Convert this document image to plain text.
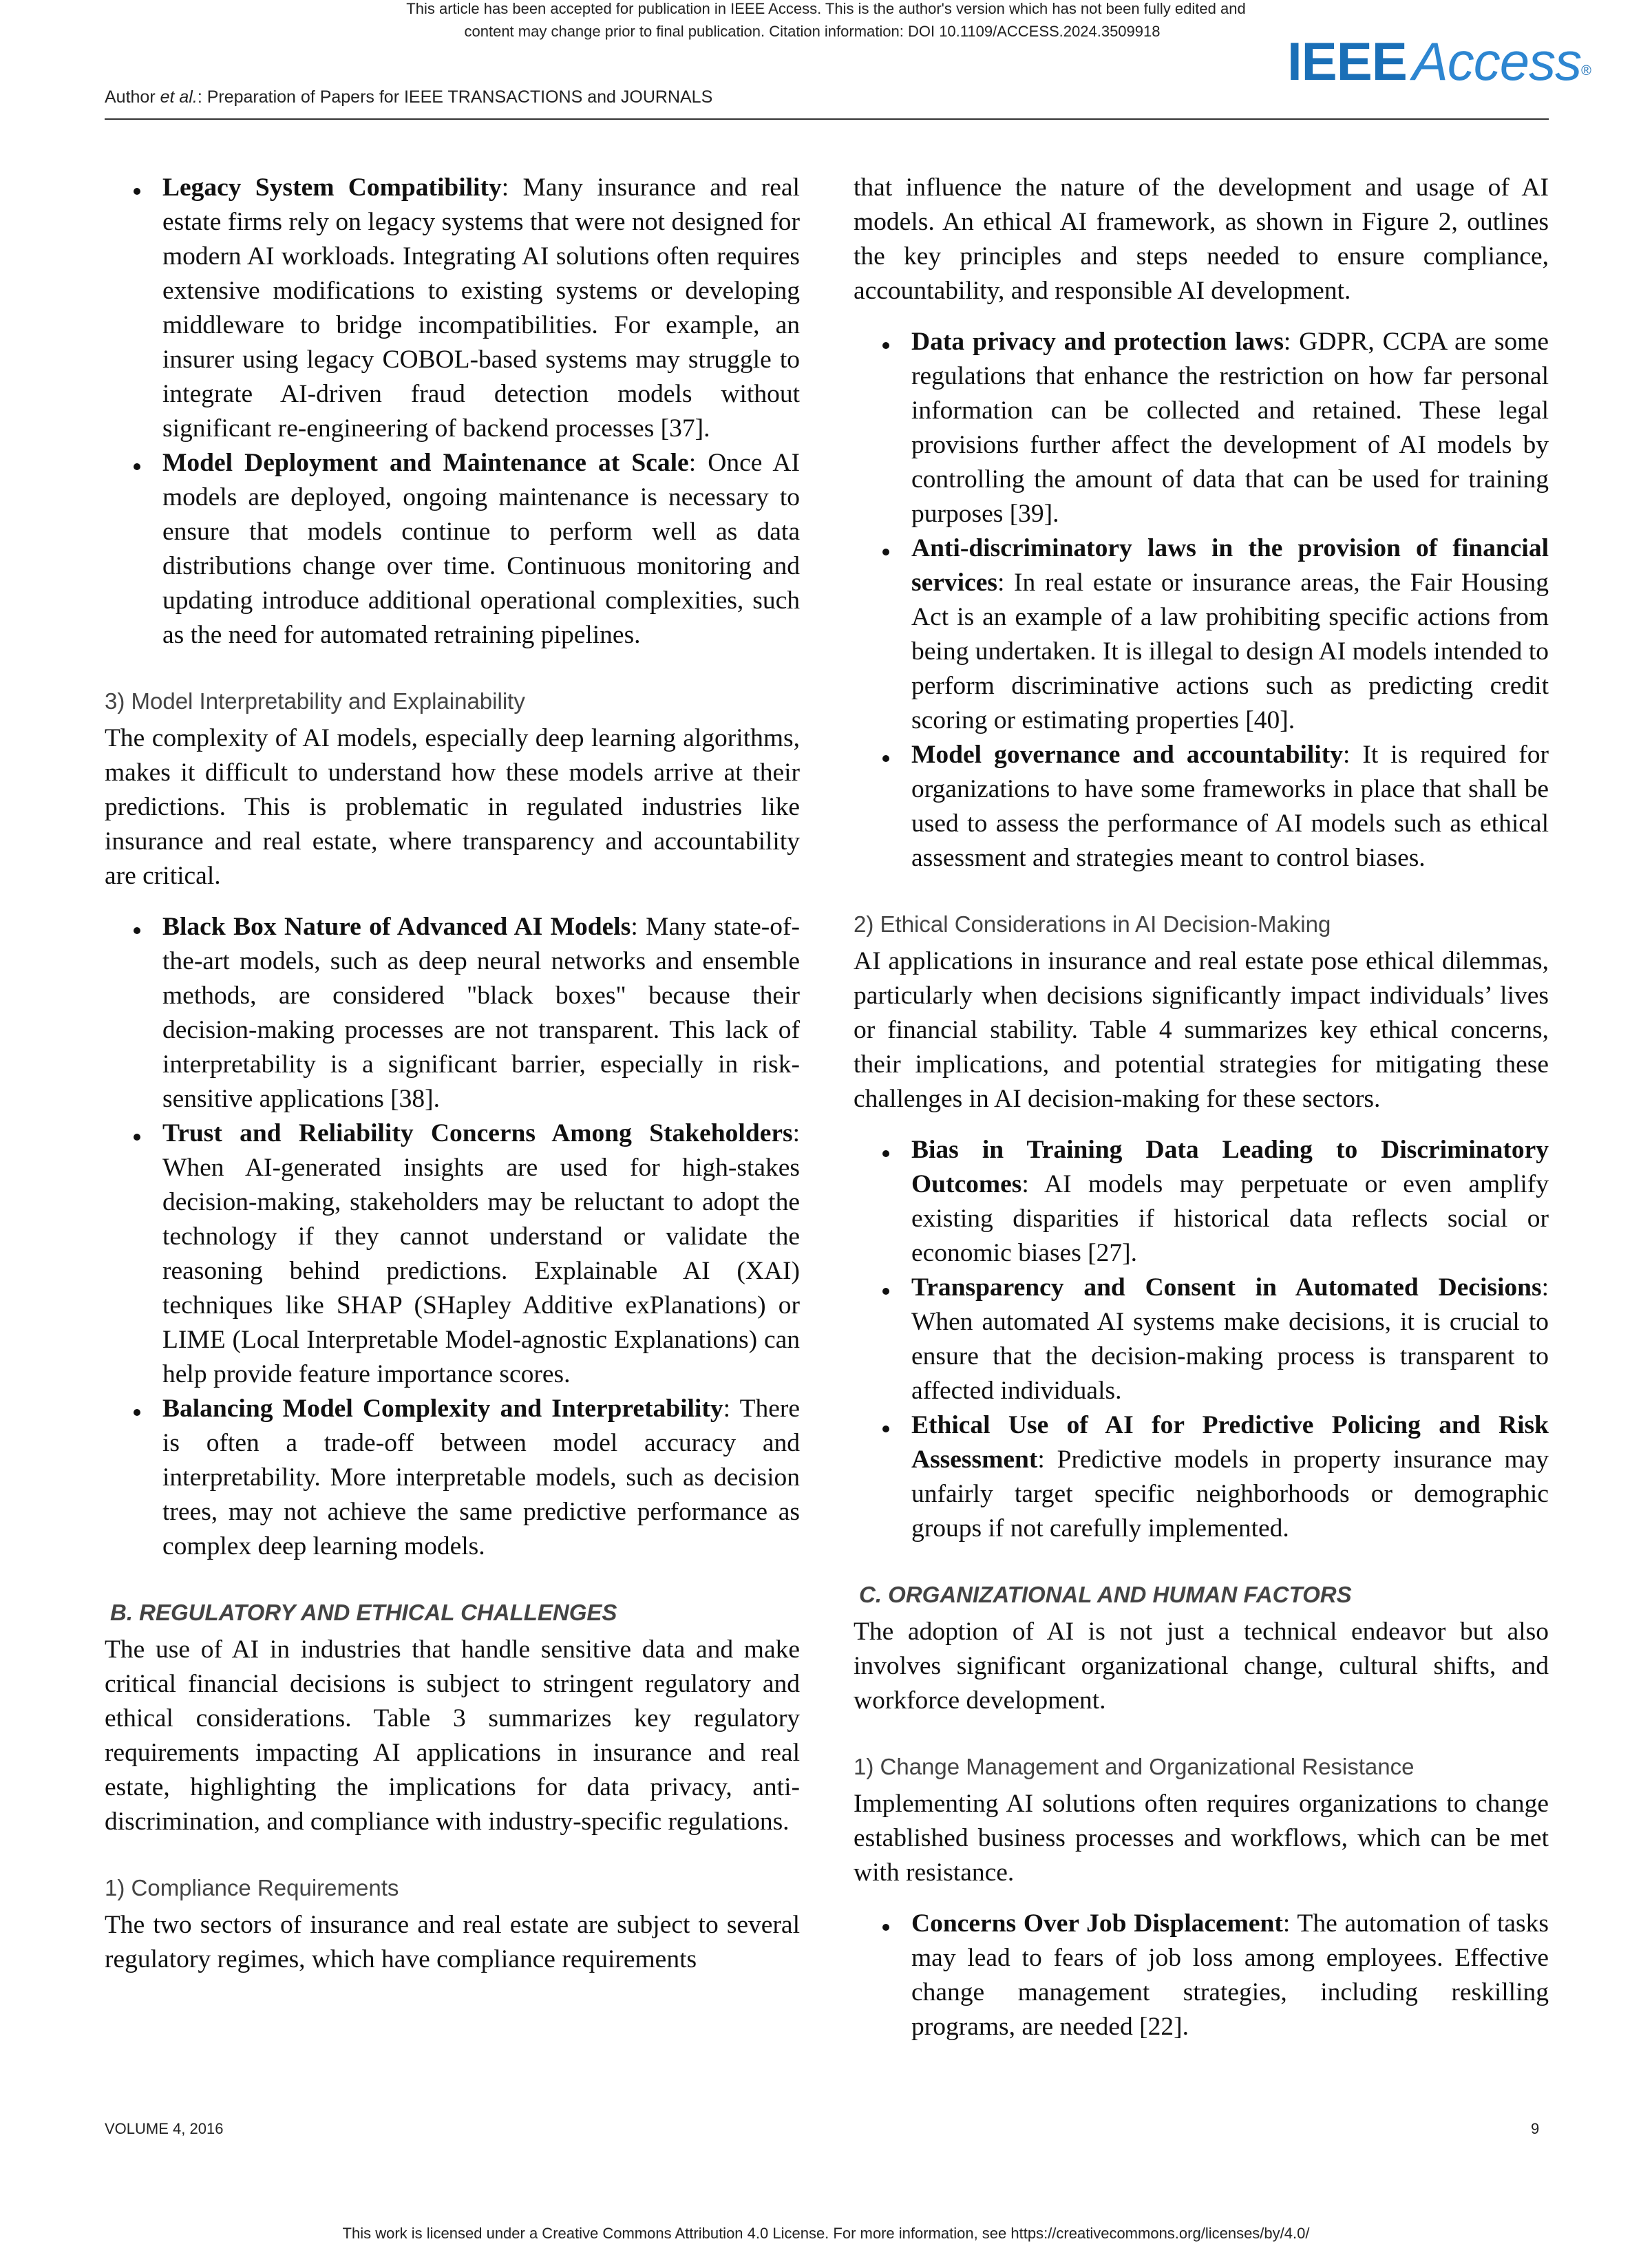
This article has been accepted for publication in IEEE Access. This is the author's version which has not been fully edited and
content may change prior to final publication. Citation information: DOI 10.1109/ACCESS.2024.3509918	IEEE Access®
Author et al.: Preparation of Papers for IEEE TRANSACTIONS and JOURNALS
Legacy System Compatibility: Many insurance and real estate firms rely on legacy systems that were not designed for modern AI workloads. Integrating AI solutions often requires extensive modifications to existing systems or developing middleware to bridge incompatibilities. For example, an insurer using legacy COBOL-based systems may struggle to integrate AI-driven fraud detection models without significant re-engineering of backend processes [37].
Model Deployment and Maintenance at Scale: Once AI models are deployed, ongoing maintenance is necessary to ensure that models continue to perform well as data distributions change over time. Continuous monitoring and updating introduce additional operational complexities, such as the need for automated retraining pipelines.
3) Model Interpretability and Explainability

The complexity of AI models, especially deep learning algorithms, makes it difficult to understand how these models arrive at their predictions. This is problematic in regulated industries like insurance and real estate, where transparency and accountability are critical.

Black Box Nature of Advanced AI Models: Many state-of-the-art models, such as deep neural networks and ensemble methods, are considered "black boxes" because their decision-making processes are not transparent. This lack of interpretability is a significant barrier, especially in risk-sensitive applications [38].
Trust and Reliability Concerns Among Stakeholders: When AI-generated insights are used for high-stakes decision-making, stakeholders may be reluctant to adopt the technology if they cannot understand or validate the reasoning behind predictions. Explainable AI (XAI) techniques like SHAP (SHapley Additive exPlanations) or LIME (Local Interpretable Model-agnostic Explanations) can help provide feature importance scores.
Balancing Model Complexity and Interpretability: There is often a trade-off between model accuracy and interpretability. More interpretable models, such as decision trees, may not achieve the same predictive performance as complex deep learning models.
B. REGULATORY AND ETHICAL CHALLENGES

The use of AI in industries that handle sensitive data and make critical financial decisions is subject to stringent regulatory and ethical considerations. Table 3 summarizes key regulatory requirements impacting AI applications in insurance and real estate, highlighting the implications for data privacy, anti-discrimination, and compliance with industry-specific regulations.

1) Compliance Requirements

The two sectors of insurance and real estate are subject to several regulatory regimes, which have compliance requirements

that influence the nature of the development and usage of AI models. An ethical AI framework, as shown in Figure 2, outlines the key principles and steps needed to ensure compliance, accountability, and responsible AI development.

Data privacy and protection laws: GDPR, CCPA are some regulations that enhance the restriction on how far personal information can be collected and retained. These legal provisions further affect the development of AI models by controlling the amount of data that can be used for training purposes [39].
Anti-discriminatory laws in the provision of financial services: In real estate or insurance areas, the Fair Housing Act is an example of a law prohibiting specific actions from being undertaken. It is illegal to design AI models intended to perform discriminative actions such as predicting credit scoring or estimating properties [40].
Model governance and accountability: It is required for organizations to have some frameworks in place that shall be used to assess the performance of AI models such as ethical assessment and strategies meant to control biases.
2) Ethical Considerations in AI Decision-Making

AI applications in insurance and real estate pose ethical dilemmas, particularly when decisions significantly impact individuals’ lives or financial stability. Table 4 summarizes key ethical concerns, their implications, and potential strategies for mitigating these challenges in AI decision-making for these sectors.

Bias in Training Data Leading to Discriminatory Outcomes: AI models may perpetuate or even amplify existing disparities if historical data reflects social or economic biases [27].
Transparency and Consent in Automated Decisions: When automated AI systems make decisions, it is crucial to ensure that the decision-making process is transparent to affected individuals.
Ethical Use of AI for Predictive Policing and Risk Assessment: Predictive models in property insurance may unfairly target specific neighborhoods or demographic groups if not carefully implemented.
C. ORGANIZATIONAL AND HUMAN FACTORS

The adoption of AI is not just a technical endeavor but also involves significant organizational change, cultural shifts, and workforce development.

1) Change Management and Organizational Resistance

Implementing AI solutions often requires organizations to change established business processes and workflows, which can be met with resistance.

Concerns Over Job Displacement: The automation of tasks may lead to fears of job loss among employees. Effective change management strategies, including reskilling programs, are needed [22].
VOLUME 4, 2016	9
This work is licensed under a Creative Commons Attribution 4.0 License. For more information, see https://creativecommons.org/licenses/by/4.0/
